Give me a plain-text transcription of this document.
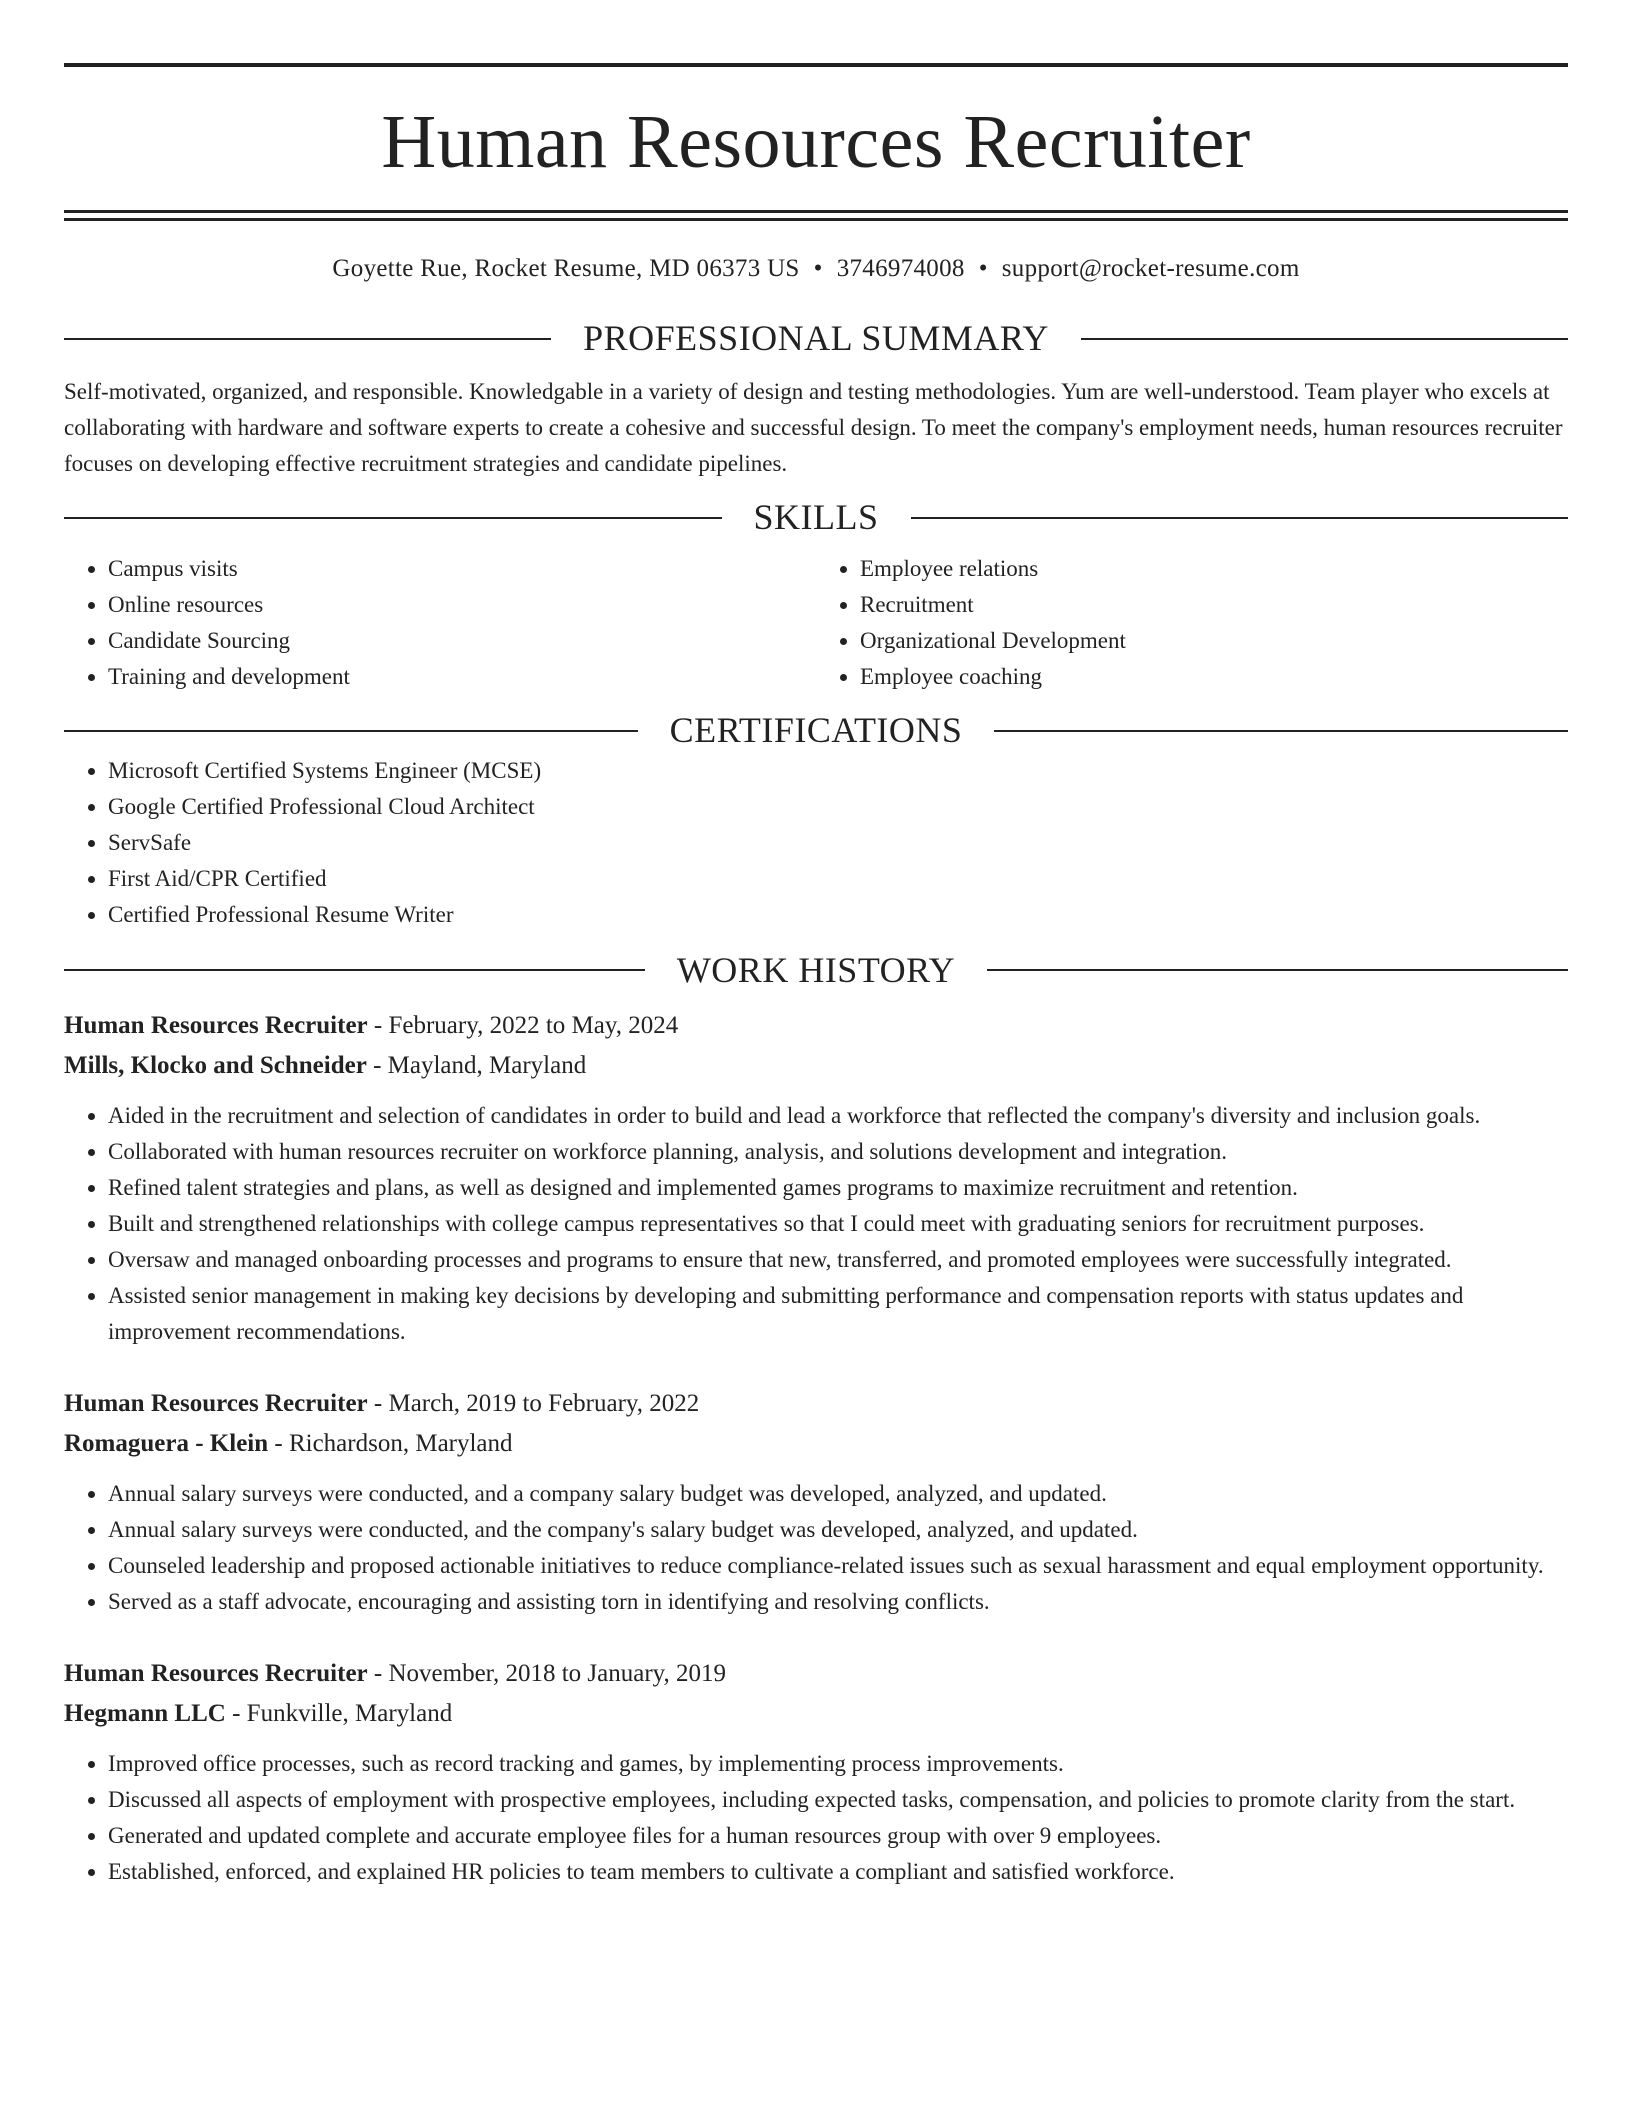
Human Resources Recruiter
Goyette Rue, Rocket Resume, MD 06373 US • 3746974008 • support@rocket-resume.com
PROFESSIONAL SUMMARY
Self-motivated, organized, and responsible. Knowledgable in a variety of design and testing methodologies. Yum are well-understood. Team player who excels at collaborating with hardware and software experts to create a cohesive and successful design. To meet the company's employment needs, human resources recruiter focuses on developing effective recruitment strategies and candidate pipelines.
SKILLS
• Campus visits
• Online resources
• Candidate Sourcing
• Training and development
• Employee relations
• Recruitment
• Organizational Development
• Employee coaching
CERTIFICATIONS
• Microsoft Certified Systems Engineer (MCSE)
• Google Certified Professional Cloud Architect
• ServSafe
• First Aid/CPR Certified
• Certified Professional Resume Writer
WORK HISTORY
Human Resources Recruiter - February, 2022 to May, 2024
Mills, Klocko and Schneider - Mayland, Maryland
• Aided in the recruitment and selection of candidates in order to build and lead a workforce that reflected the company's diversity and inclusion goals.
• Collaborated with human resources recruiter on workforce planning, analysis, and solutions development and integration.
• Refined talent strategies and plans, as well as designed and implemented games programs to maximize recruitment and retention.
• Built and strengthened relationships with college campus representatives so that I could meet with graduating seniors for recruitment purposes.
• Oversaw and managed onboarding processes and programs to ensure that new, transferred, and promoted employees were successfully integrated.
• Assisted senior management in making key decisions by developing and submitting performance and compensation reports with status updates and improvement recommendations.
Human Resources Recruiter - March, 2019 to February, 2022
Romaguera - Klein - Richardson, Maryland
• Annual salary surveys were conducted, and a company salary budget was developed, analyzed, and updated.
• Annual salary surveys were conducted, and the company's salary budget was developed, analyzed, and updated.
• Counseled leadership and proposed actionable initiatives to reduce compliance-related issues such as sexual harassment and equal employment opportunity.
• Served as a staff advocate, encouraging and assisting torn in identifying and resolving conflicts.
Human Resources Recruiter - November, 2018 to January, 2019
Hegmann LLC - Funkville, Maryland
• Improved office processes, such as record tracking and games, by implementing process improvements.
• Discussed all aspects of employment with prospective employees, including expected tasks, compensation, and policies to promote clarity from the start.
• Generated and updated complete and accurate employee files for a human resources group with over 9 employees.
• Established, enforced, and explained HR policies to team members to cultivate a compliant and satisfied workforce.
